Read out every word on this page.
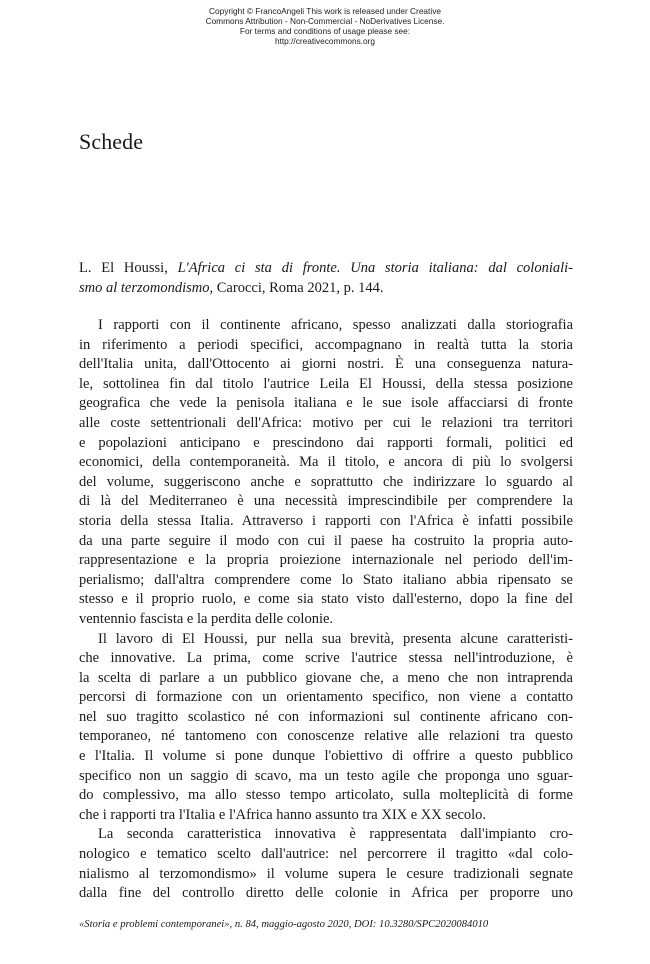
Copyright © FrancoAngeli This work is released under Creative
Commons Attribution - Non-Commercial - NoDerivatives License.
For terms and conditions of usage please see:
http://creativecommons.org
Schede
L. El Houssi, L'Africa ci sta di fronte. Una storia italiana: dal coloniali-
smo al terzomondismo, Carocci, Roma 2021, p. 144.
I rapporti con il continente africano, spesso analizzati dalla storiografia
in riferimento a periodi specifici, accompagnano in realtà tutta la storia
dell'Italia unita, dall'Ottocento ai giorni nostri. È una conseguenza natura-
le, sottolinea fin dal titolo l'autrice Leila El Houssi, della stessa posizione
geografica che vede la penisola italiana e le sue isole affacciarsi di fronte
alle coste settentrionali dell'Africa: motivo per cui le relazioni tra territori
e popolazioni anticipano e prescindono dai rapporti formali, politici ed
economici, della contemporaneità. Ma il titolo, e ancora di più lo svolgersi
del volume, suggeriscono anche e soprattutto che indirizzare lo sguardo al
di là del Mediterraneo è una necessità imprescindibile per comprendere la
storia della stessa Italia. Attraverso i rapporti con l'Africa è infatti possibile
da una parte seguire il modo con cui il paese ha costruito la propria auto-
rappresentazione e la propria proiezione internazionale nel periodo dell'im-
perialismo; dall'altra comprendere come lo Stato italiano abbia ripensato se
stesso e il proprio ruolo, e come sia stato visto dall'esterno, dopo la fine del
ventennio fascista e la perdita delle colonie.
Il lavoro di El Houssi, pur nella sua brevità, presenta alcune caratteristi-
che innovative. La prima, come scrive l'autrice stessa nell'introduzione, è
la scelta di parlare a un pubblico giovane che, a meno che non intraprenda
percorsi di formazione con un orientamento specifico, non viene a contatto
nel suo tragitto scolastico né con informazioni sul continente africano con-
temporaneo, né tantomeno con conoscenze relative alle relazioni tra questo
e l'Italia. Il volume si pone dunque l'obiettivo di offrire a questo pubblico
specifico non un saggio di scavo, ma un testo agile che proponga uno sguar-
do complessivo, ma allo stesso tempo articolato, sulla molteplicità di forme
che i rapporti tra l'Italia e l'Africa hanno assunto tra XIX e XX secolo.
La seconda caratteristica innovativa è rappresentata dall'impianto cro-
nologico e tematico scelto dall'autrice: nel percorrere il tragitto «dal colo-
nialismo al terzomondismo» il volume supera le cesure tradizionali segnate
dalla fine del controllo diretto delle colonie in Africa per proporre uno
«Storia e problemi contemporanei», n. 84, maggio-agosto 2020, DOI: 10.3280/SPC2020084010
